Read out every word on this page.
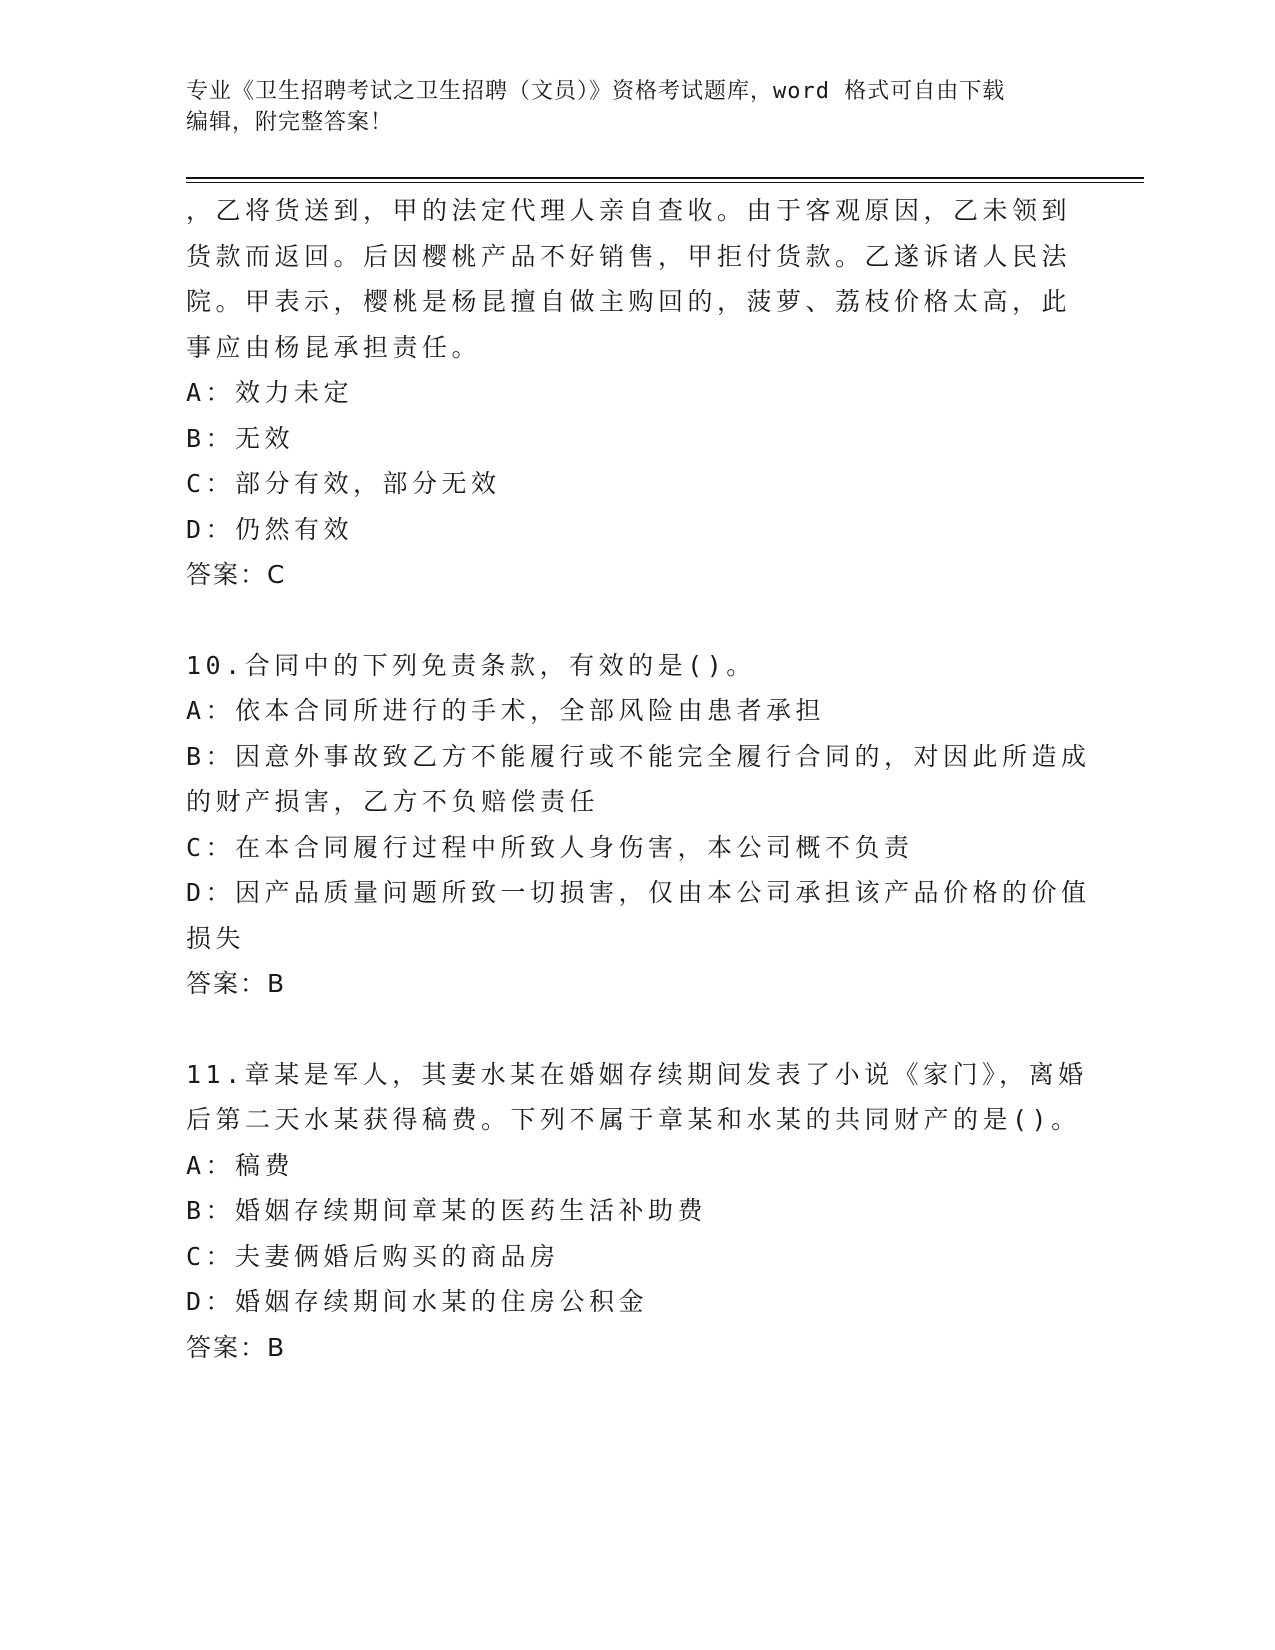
专业《卫生招聘考试之卫生招聘（文员）》资格考试题库，word 格式可自由下载
编辑，附完整答案！
，乙将货送到，甲的法定代理人亲自查收。由于客观原因，乙未领到
货款而返回。后因樱桃产品不好销售，甲拒付货款。乙遂诉诸人民法
院。甲表示，樱桃是杨昆擅自做主购回的，菠萝、荔枝价格太高，此
事应由杨昆承担责任。
A：效力未定
B：无效
C：部分有效，部分无效
D：仍然有效
答案：C
10.合同中的下列免责条款，有效的是()。
A：依本合同所进行的手术，全部风险由患者承担
B：因意外事故致乙方不能履行或不能完全履行合同的，对因此所造成
的财产损害，乙方不负赔偿责任
C：在本合同履行过程中所致人身伤害，本公司概不负责
D：因产品质量问题所致一切损害，仅由本公司承担该产品价格的价值
损失
答案：B
11.章某是军人，其妻水某在婚姻存续期间发表了小说《家门》，离婚
后第二天水某获得稿费。下列不属于章某和水某的共同财产的是()。
A：稿费
B：婚姻存续期间章某的医药生活补助费
C：夫妻俩婚后购买的商品房
D：婚姻存续期间水某的住房公积金
答案：B
